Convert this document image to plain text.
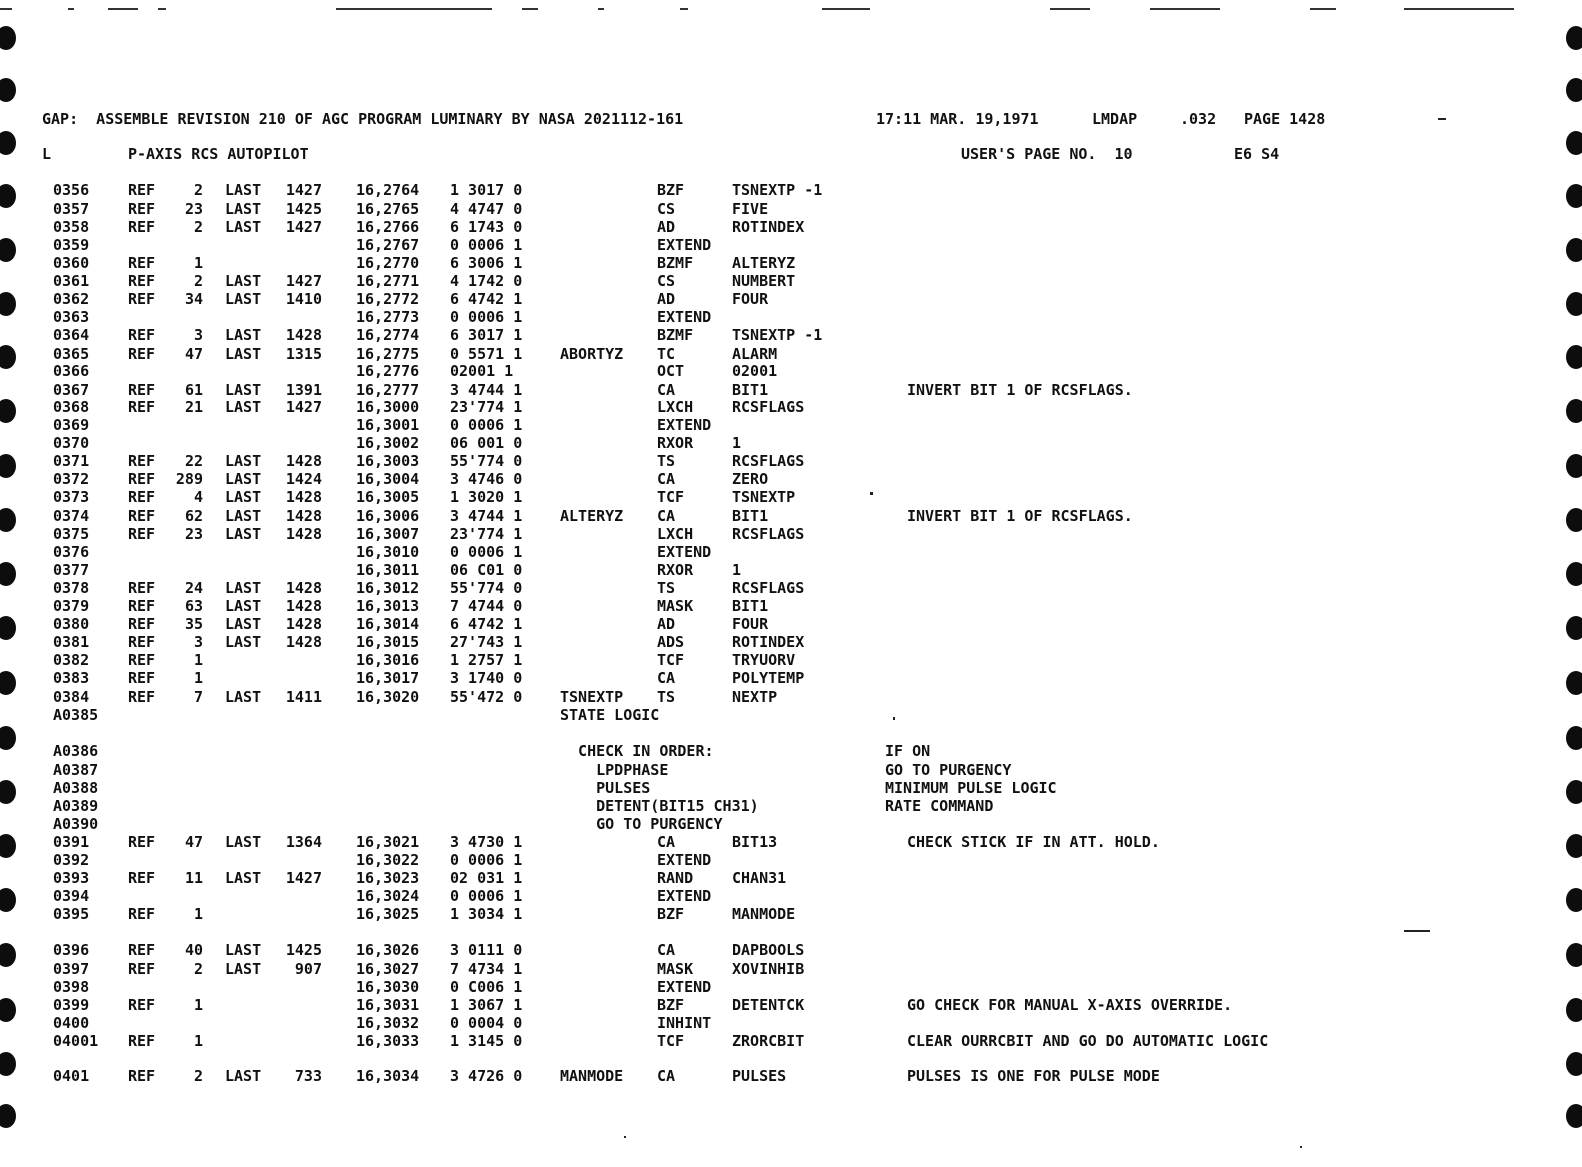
GAP:  ASSEMBLE REVISION 210 OF AGC PROGRAM LUMINARY BY NASA 2021112-161	17:11 MAR. 19,1971	LMDAP	.032 PAGE 1428
L	P-AXIS RCS AUTOPILOT	USER'S PAGE NO.  10	E6 S4
0356	REF	2 LAST 1427 16,2764 1 3017 0	BZF	TSNEXTP -1
0357	REF 23 LAST 1425 16,2765 4 4747 0	CS	FIVE
0358	REF	2 LAST 1427 16,2766 6 1743 0	AD	ROTINDEX
0359	16,2767 0 0006 1	EXTEND
0360	REF	1	16,2770 6 3006 1	BZMF	ALTERYZ
0361	REF	2 LAST 1427 16,2771 4 1742 0	CS	NUMBERT
0362	REF 34 LAST 1410 16,2772 6 4742 1	AD	FOUR
0363	16,2773 0 0006 1	EXTEND
0364	REF	3 LAST 1428 16,2774 6 3017 1	BZMF	TSNEXTP -1
0365	REF 47 LAST 1315 16,2775 0 5571 1	ABORTYZ TC	ALARM
0366	16,2776 02001 1	OCT	02001
0367	REF 61 LAST 1391 16,2777 3 4744 1	CA	BIT1	INVERT BIT 1 OF RCSFLAGS.
0368	REF 21 LAST 1427 16,3000 23'774 1	LXCH	RCSFLAGS
0369	16,3001 0 0006 1	EXTEND
0370	16,3002 06 001 0	RXOR	1
0371	REF 22 LAST 1428 16,3003 55'774 0	TS	RCSFLAGS
0372	REF 289 LAST 1424 16,3004 3 4746 0	CA	ZERO
0373	REF	4 LAST 1428 16,3005 1 3020 1	TCF	TSNEXTP
0374	REF 62 LAST 1428 16,3006 3 4744 1	ALTERYZ CA	BIT1	INVERT BIT 1 OF RCSFLAGS.
0375	REF 23 LAST 1428 16,3007 23'774 1	LXCH	RCSFLAGS
0376	16,3010 0 0006 1	EXTEND
0377	16,3011 06 C01 0	RXOR	1
0378	REF 24 LAST 1428 16,3012 55'774 0	TS	RCSFLAGS
0379	REF 63 LAST 1428 16,3013 7 4744 0	MASK	BIT1
0380	REF 35 LAST 1428 16,3014 6 4742 1	AD	FOUR
0381	REF	3 LAST 1428 16,3015 27'743 1	ADS	ROTINDEX
0382	REF	1	16,3016 1 2757 1	TCF	TRYUORV
0383	REF	1	16,3017 3 1740 0	CA	POLYTEMP
0384	REF	7 LAST 1411 16,3020 55'472 0	TSNEXTP TS	NEXTP
A0385	STATE LOGIC
A0386	CHECK IN ORDER:	IF ON
A0387	LPDPHASE	GO TO PURGENCY
A0388	PULSES	MINIMUM PULSE LOGIC
A0389	DETENT(BIT15 CH31)	RATE COMMAND
A0390	GO TO PURGENCY
0391	REF 47 LAST 1364 16,3021 3 4730 1	CA	BIT13	CHECK STICK IF IN ATT. HOLD.
0392	16,3022 0 0006 1	EXTEND
0393	REF 11 LAST 1427 16,3023 02 031 1	RAND	CHAN31
0394	16,3024 0 0006 1	EXTEND
0395	REF	1	16,3025 1 3034 1	BZF	MANMODE
0396	REF 40 LAST 1425 16,3026 3 0111 0	CA	DAPBOOLS
0397	REF	2 LAST 907 16,3027 7 4734 1	MASK	XOVINHIB
0398	16,3030 0 C006 1	EXTEND
0399	REF	1	16,3031 1 3067 1	BZF	DETENTCK	GO CHECK FOR MANUAL X-AXIS OVERRIDE.
0400	16,3032 0 0004 0	INHINT
04001 REF	1	16,3033 1 3145 0	TCF	ZRORCBIT	CLEAR OURRCBIT AND GO DO AUTOMATIC LOGIC
0401	REF	2 LAST 733 16,3034 3 4726 0	MANMODE CA	PULSES	PULSES IS ONE FOR PULSE MODE
